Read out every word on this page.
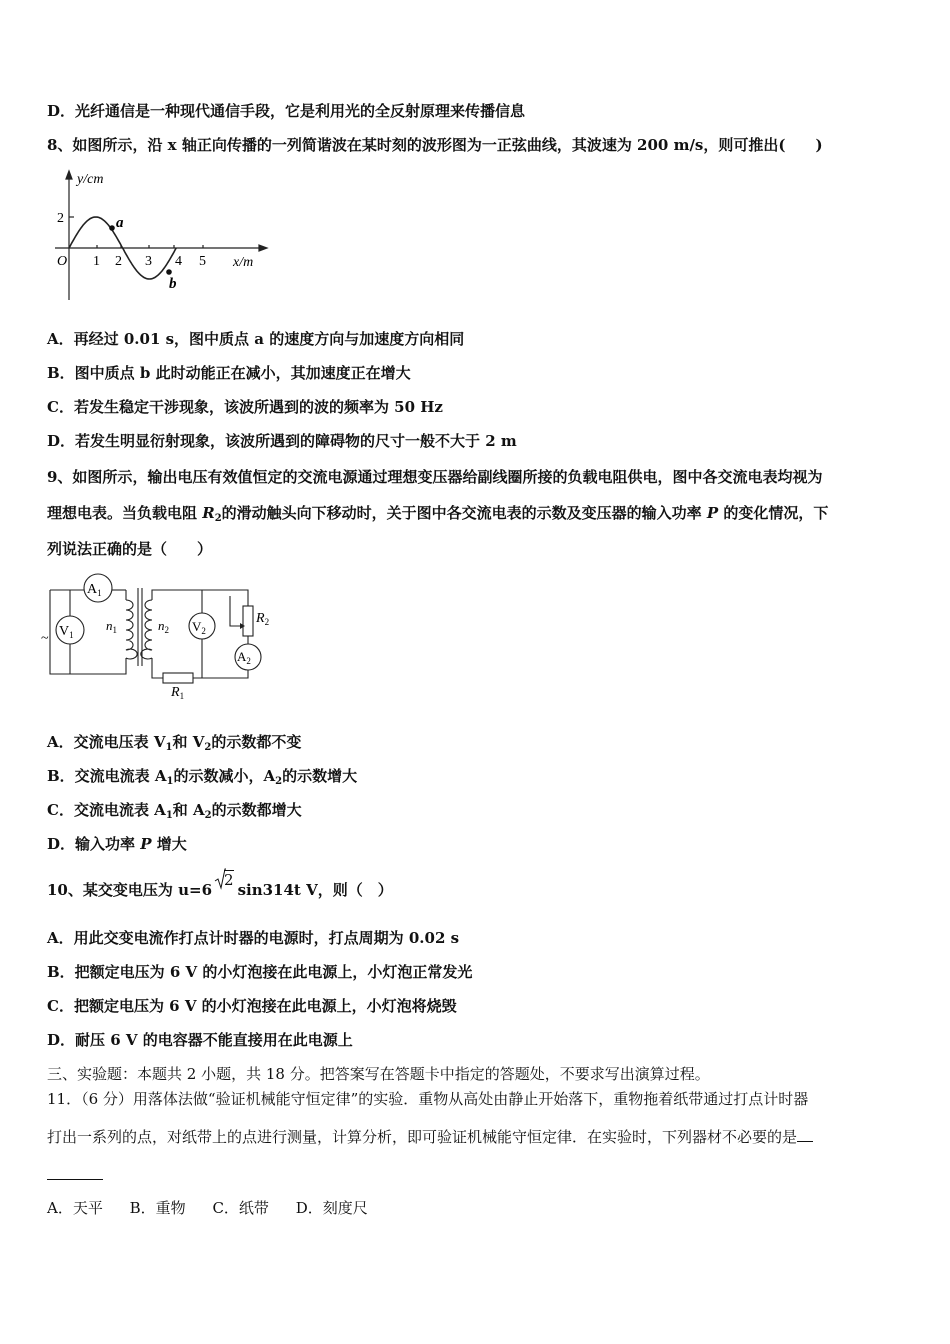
D．光纤通信是一种现代通信手段，它是利用光的全反射原理来传播信息
8、如图所示，沿 x 轴正向传播的一列简谐波在某时刻的波形图为一正弦曲线，其波速为 200 m/s，则可推出(　　)
y/cm
x/m
O
2
1 2 3 4 5
a
b
A．再经过 0.01 s，图中质点 a 的速度方向与加速度方向相同
B．图中质点 b 此时动能正在减小，其加速度正在增大
C．若发生稳定干涉现象，该波所遇到的波的频率为 50 Hz
D．若发生明显衍射现象，该波所遇到的障碍物的尺寸一般不大于 2 m
9、如图所示，输出电压有效值恒定的交流电源通过理想变压器给副线圈所接的负载电阻供电，图中各交流电表均视为
理想电表。当负载电阻 $R_2$的滑动触头向下移动时，关于图中各交流电表的示数及变压器的输入功率 P 的变化情况，下
列说法正确的是（　　）
$A_1$
$V_1$
$V_2$
$A_2$
~
$n_1$	$n_2$
$R_2$
$R_1$
A．交流电压表 $V_1$和 $V_2$的示数都不变
B．交流电流表 $A_1$的示数减小，$A_2$的示数增大
C．交流电流表 $A_1$和 $A_2$的示数都增大
D．输入功率 P 增大
10、某交变电压为 u=6
2sin314t V，则（　）
A．用此交变电流作打点计时器的电源时，打点周期为 0.02 s
B．把额定电压为 6 V 的小灯泡接在此电源上，小灯泡正常发光
C．把额定电压为 6 V 的小灯泡接在此电源上，小灯泡将烧毁
D．耐压 6 V 的电容器不能直接用在此电源上
三、实验题：本题共 2 小题，共 18 分。把答案写在答题卡中指定的答题处，不要求写出演算过程。
11．（6 分）用落体法做“验证机械能守恒定律”的实验．重物从高处由静止开始落下，重物拖着纸带通过打点计时器
打出一系列的点，对纸带上的点进行测量，计算分析，即可验证机械能守恒定律．在实验时，下列器材不必要的是
A．天平 B．重物 C．纸带 D．刻度尺
